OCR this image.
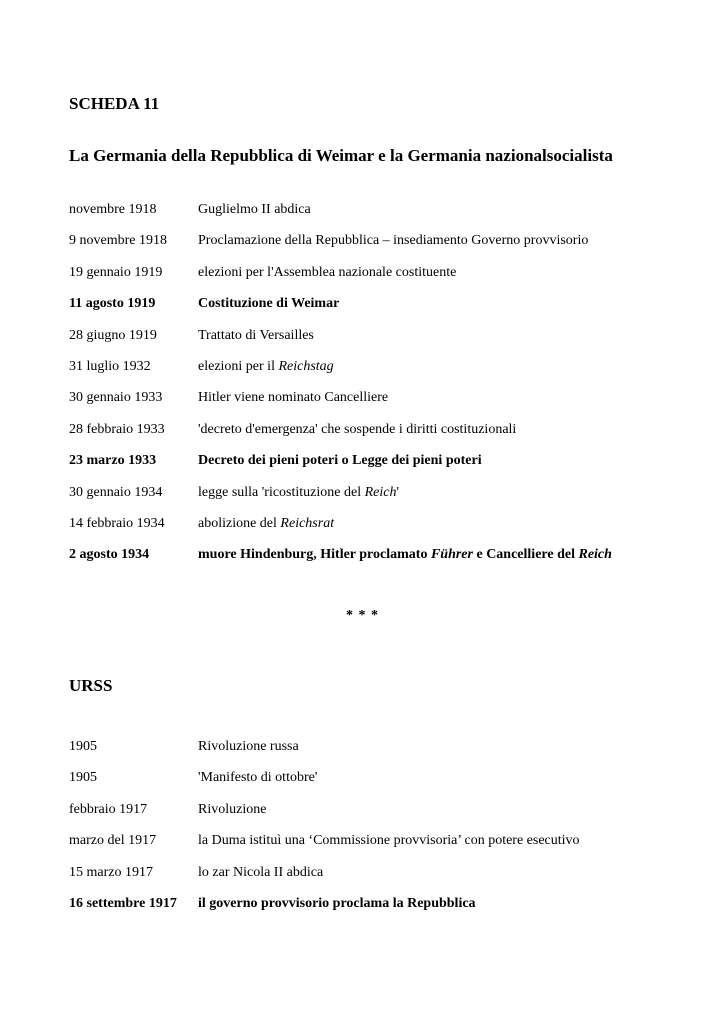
SCHEDA 11
La Germania della Repubblica di Weimar e la Germania nazionalsocialista
novembre 1918	Guglielmo II abdica
9 novembre 1918 Proclamazione della Repubblica – insediamento Governo provvisorio
19 gennaio 1919	elezioni per l'Assemblea nazionale costituente
11 agosto 1919	Costituzione di Weimar
28 giugno 1919	Trattato di Versailles
31 luglio 1932	elezioni per il Reichstag
30 gennaio 1933	Hitler viene nominato Cancelliere
28 febbraio 1933 'decreto d'emergenza' che sospende i diritti costituzionali
23 marzo 1933	Decreto dei pieni poteri o Legge dei pieni poteri
30 gennaio 1934	legge sulla 'ricostituzione del Reich'
14 febbraio 1934 abolizione del Reichsrat
2 agosto 1934	muore Hindenburg, Hitler proclamato Führer e Cancelliere del Reich
* * *
URSS
1905	Rivoluzione russa
1905	'Manifesto di ottobre'
febbraio 1917	Rivoluzione
marzo del 1917	la Duma istituì una ‘Commissione provvisoria’ con potere esecutivo
15 marzo 1917	lo zar Nicola II abdica
16 settembre 1917 il governo provvisorio proclama la Repubblica
